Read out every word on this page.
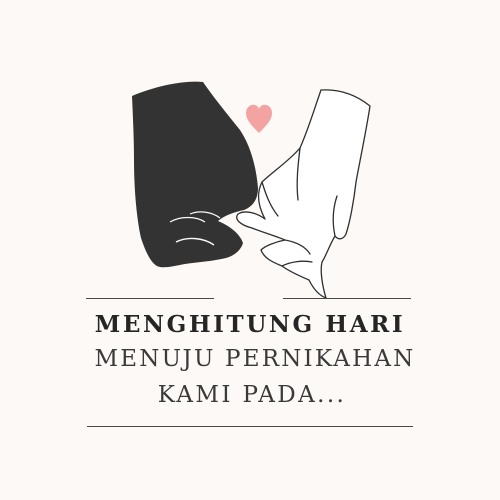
MENGHITUNG HARI
MENUJU PERNIKAHAN
KAMI PADA...
